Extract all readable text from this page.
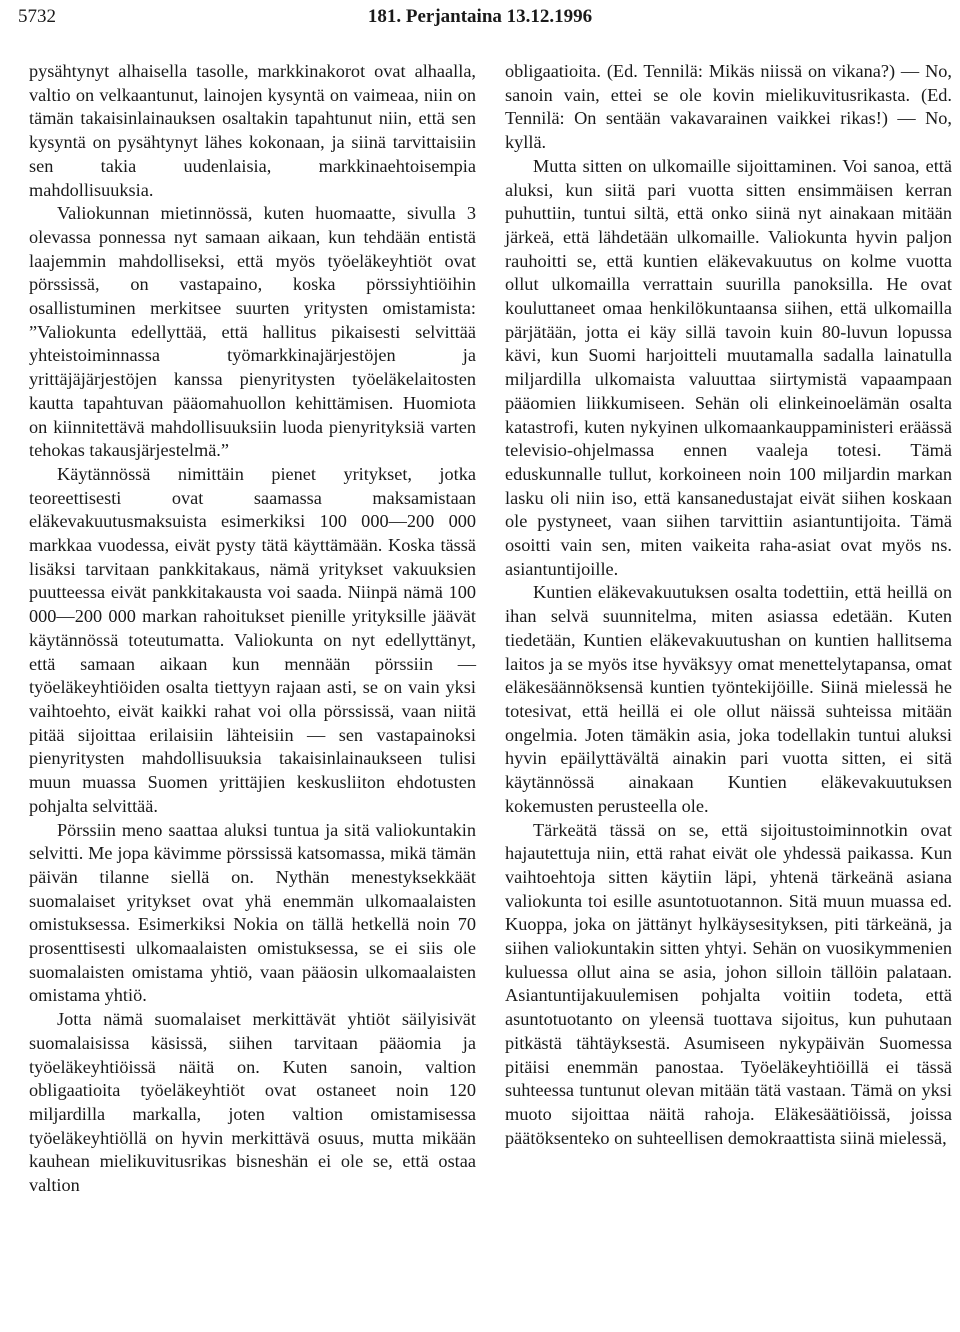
5732	181. Perjantaina 13.12.1996

pysähtynyt alhaisella tasolle, markkinakorot ovat alhaalla, valtio on velkaantunut, lainojen kysyntä on vaimeaa, niin on tämän takaisinlainauksen osaltakin tapahtunut niin, että sen kysyntä on pysähtynyt lähes kokonaan, ja siinä tarvittaisiin sen takia uudenlaisia, markkinaehtoisempia mahdollisuuksia.

Valiokunnan mietinnössä, kuten huomaatte, sivulla 3 olevassa ponnessa nyt samaan aikaan, kun tehdään entistä laajemmin mahdolliseksi, että myös työeläkeyhtiöt ovat pörssissä, on vastapaino, koska pörssiyhtiöihin osallistuminen merkitsee suurten yritysten omistamista: ”Valiokunta edellyttää, että hallitus pikaisesti selvittää yhteistoiminnassa työmarkkinajärjestöjen ja yrittäjäjärjestöjen kanssa pienyritysten työeläkelaitosten kautta tapahtuvan pääomahuollon kehittämisen. Huomiota on kiinnitettävä mahdollisuuksiin luoda pienyrityksiä varten tehokas takausjärjestelmä.”

Käytännössä nimittäin pienet yritykset, jotka teoreettisesti ovat saamassa maksamistaan eläkevakuutusmaksuista esimerkiksi 100 000—200 000 markkaa vuodessa, eivät pysty tätä käyttämään. Koska tässä lisäksi tarvitaan pankkitakaus, nämä yritykset vakuuksien puutteessa eivät pankkitakausta voi saada. Niinpä nämä 100 000—200 000 markan rahoitukset pienille yrityksille jäävät käytännössä toteutumatta. Valiokunta on nyt edellyttänyt, että samaan aikaan kun mennään pörssiin — työeläkeyhtiöiden osalta tiettyyn rajaan asti, se on vain yksi vaihtoehto, eivät kaikki rahat voi olla pörssissä, vaan niitä pitää sijoittaa erilaisiin lähteisiin — sen vastapainoksi pienyritysten mahdollisuuksia takaisinlainaukseen tulisi muun muassa Suomen yrittäjien keskusliiton ehdotusten pohjalta selvittää.

Pörssiin meno saattaa aluksi tuntua ja sitä valiokuntakin selvitti. Me jopa kävimme pörssissä katsomassa, mikä tämän päivän tilanne siellä on. Nythän menestyksekkäät suomalaiset yritykset ovat yhä enemmän ulkomaalaisten omistuksessa. Esimerkiksi Nokia on tällä hetkellä noin 70 prosenttisesti ulkomaalaisten omistuksessa, se ei siis ole suomalaisten omistama yhtiö, vaan pääosin ulkomaalaisten omistama yhtiö.

Jotta nämä suomalaiset merkittävät yhtiöt säilyisivät suomalaisissa käsissä, siihen tarvitaan pääomia ja työeläkeyhtiöissä näitä on. Kuten sanoin, valtion obligaatioita työeläkeyhtiöt ovat ostaneet noin 120 miljardilla markalla, joten valtion omistamisessa työeläkeyhtiöllä on hyvin merkittävä osuus, mutta mikään kauhean mielikuvitusrikas bisneshän ei ole se, että ostaa valtion

obligaatioita. (Ed. Tennilä: Mikäs niissä on vikana?) — No, sanoin vain, ettei se ole kovin mielikuvitusrikasta. (Ed. Tennilä: On sentään vakavarainen vaikkei rikas!) — No, kyllä.

Mutta sitten on ulkomaille sijoittaminen. Voi sanoa, että aluksi, kun siitä pari vuotta sitten ensimmäisen kerran puhuttiin, tuntui siltä, että onko siinä nyt ainakaan mitään järkeä, että lähdetään ulkomaille. Valiokunta hyvin paljon rauhoitti se, että kuntien eläkevakuutus on kolme vuotta ollut ulkomailla verrattain suurilla panoksilla. He ovat kouluttaneet omaa henkilökuntaansa siihen, että ulkomailla pärjätään, jotta ei käy sillä tavoin kuin 80-luvun lopussa kävi, kun Suomi harjoitteli muutamalla sadalla lainatulla miljardilla ulkomaista valuuttaa siirtymistä vapaampaan pääomien liikkumiseen. Sehän oli elinkeinoelämän osalta katastrofi, kuten nykyinen ulkomaankauppaministeri eräässä televisio-ohjelmassa ennen vaaleja totesi. Tämä eduskunnalle tullut, korkoineen noin 100 miljardin markan lasku oli niin iso, että kansanedustajat eivät siihen koskaan ole pystyneet, vaan siihen tarvittiin asiantuntijoita. Tämä osoitti vain sen, miten vaikeita raha-asiat ovat myös ns. asiantuntijoille.

Kuntien eläkevakuutuksen osalta todettiin, että heillä on ihan selvä suunnitelma, miten asiassa edetään. Kuten tiedetään, Kuntien eläkevakuutushan on kuntien hallitsema laitos ja se myös itse hyväksyy omat menettelytapansa, omat eläkesäännöksensä kuntien työntekijöille. Siinä mielessä he totesivat, että heillä ei ole ollut näissä suhteissa mitään ongelmia. Joten tämäkin asia, joka todellakin tuntui aluksi hyvin epäilyttävältä ainakin pari vuotta sitten, ei sitä käytännössä ainakaan Kuntien eläkevakuutuksen kokemusten perusteella ole.

Tärkeätä tässä on se, että sijoitustoiminnotkin ovat hajautettuja niin, että rahat eivät ole yhdessä paikassa. Kun vaihtoehtoja sitten käytiin läpi, yhtenä tärkeänä asiana valiokunta toi esille asuntotuotannon. Sitä muun muassa ed. Kuoppa, joka on jättänyt hylkäysesityksen, piti tärkeänä, ja siihen valiokuntakin sitten yhtyi. Sehän on vuosikymmenien kuluessa ollut aina se asia, johon silloin tällöin palataan. Asiantuntijakuulemisen pohjalta voitiin todeta, että asuntotuotanto on yleensä tuottava sijoitus, kun puhutaan pitkästä tähtäyksestä. Asumiseen nykypäivän Suomessa pitäisi enemmän panostaa. Työeläkeyhtiöillä ei tässä suhteessa tuntunut olevan mitään tätä vastaan. Tämä on yksi muoto sijoittaa näitä rahoja. Eläkesäätiöissä, joissa päätöksenteko on suhteellisen demokraattista siinä mielessä,
